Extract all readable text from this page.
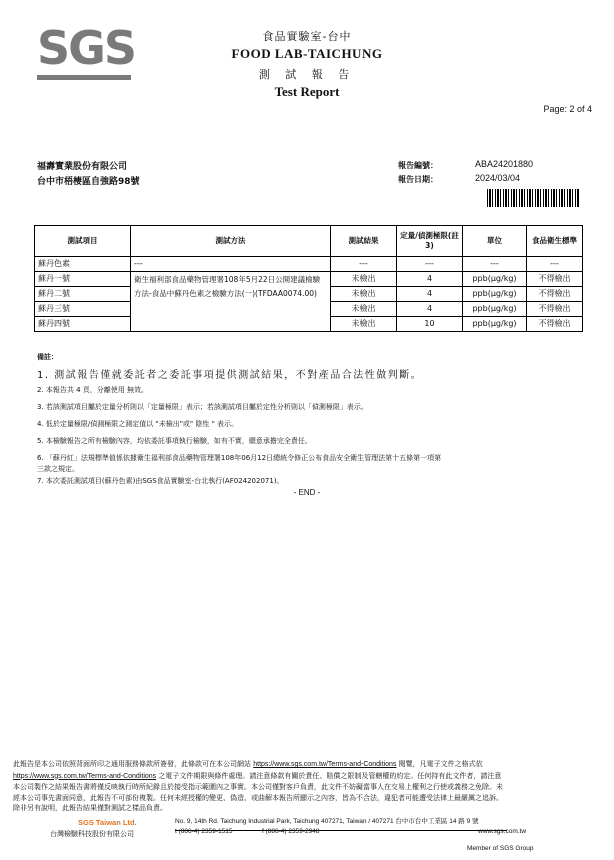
SGS	食品實驗室-台中
FOOD LAB-TAICHUNG
測 試 報 告
Test Report
Page: 2 of 4
福壽實業股份有限公司
台中市梧棲區自強路98號
報告編號：	ABA24201880
報告日期：	2024/03/04
測試項目	測試方法	測試結果	定量/偵測極限(註3)	單位	食品衛生標準
蘇丹色素	---	---	---	---	---
蘇丹一號	衛生福利部食品藥物管理署108年5月22日公開建議檢驗方法-食品中蘇丹色素之檢驗方法(一)(TFDAA0074.00)	未檢出	4	ppb(μg/kg)	不得檢出
蘇丹二號		未檢出	4	ppb(μg/kg)	不得檢出
蘇丹三號		未檢出	4	ppb(μg/kg)	不得檢出
蘇丹四號		未檢出	10	ppb(μg/kg)	不得檢出
備註：
1. 測試報告僅就委託者之委託事項提供測試結果，不對產品合法性做判斷。
2. 本報告共 4 頁，分離使用 無效。
3. 若該測試項目屬於定量分析則以「定量極限」表示；若該測試項目屬於定性分析則以「偵測極限」表示。
4. 低於定量極限/偵測極限之測定值以 "未檢出"或" 陰性 " 表示。
5. 本檢驗報告之所有檢驗內容，均依委託事項執行檢驗，如有不實，願意承擔完全責任。
6. 「蘇丹紅」法規標準值係依據衛生福利部食品藥物管理署108年06月12日總統令修正公布食品安全衛生管理法第十五條第一項第
三款之規定。
7. 本次委託測試項目(蘇丹色素)由SGS食品實驗室-台北執行(AF024202071)。
- END -
此報告是本公司依照背面所印之通用服務條款所簽發，此條款可在本公司網站 https://www.sgs.com.tw/Terms-and-Conditions 閱覽，凡電子文件之格式依
https://www.sgs.com.tw/Terms-and-Conditions 之電子文件期限與條件處理。請注意條款有關於責任、賠償之限制及管轄權的約定。任何持有此文件者，請注意
本公司製作之結果報告書將僅反映執行時所紀錄且於接受指示範圍內之事實。本公司僅對客戶負責，此文件不妨礙當事人在交易上權利之行使或義務之免除。未
經本公司事先書面同意，此報告不可部份複製。任何未經授權的變更、偽造、或曲解本報告所顯示之內容，皆為不合法，違犯者可能遭受法律上最嚴厲之追訴。
除非另有說明，此報告結果僅對測試之樣品負責。
SGS Taiwan Ltd.
台灣檢驗科技股份有限公司
No. 9, 14th Rd. Taichung Industrial Park, Taichung 407271, Taiwan / 407271 台中市台中工業區 14 路 9 號
t (886-4) 2359-1515	f (886-4) 2359-2948	www.sgs.com.tw
Member of SGS Group
